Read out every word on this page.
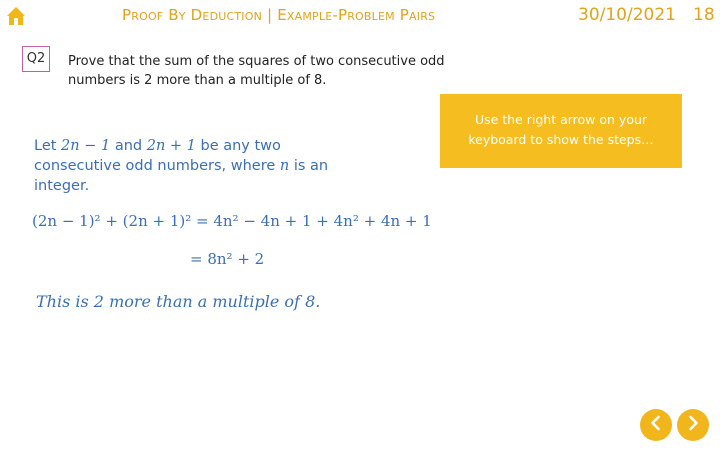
Proof By Deduction | Example-Problem Pairs	30/10/2021 18
Q2	Prove that the sum of the squares of two consecutive odd
numbers is 2 more than a multiple of 8.
Use the right arrow on your
keyboard to show the steps…
Let 2n − 1 and 2n + 1 be any two
consecutive odd numbers, where n is an
integer.
(2n − 1)² + (2n + 1)² = 4n² − 4n + 1 + 4n² + 4n + 1
= 8n² + 2
This is 2 more than a multiple of 8.
